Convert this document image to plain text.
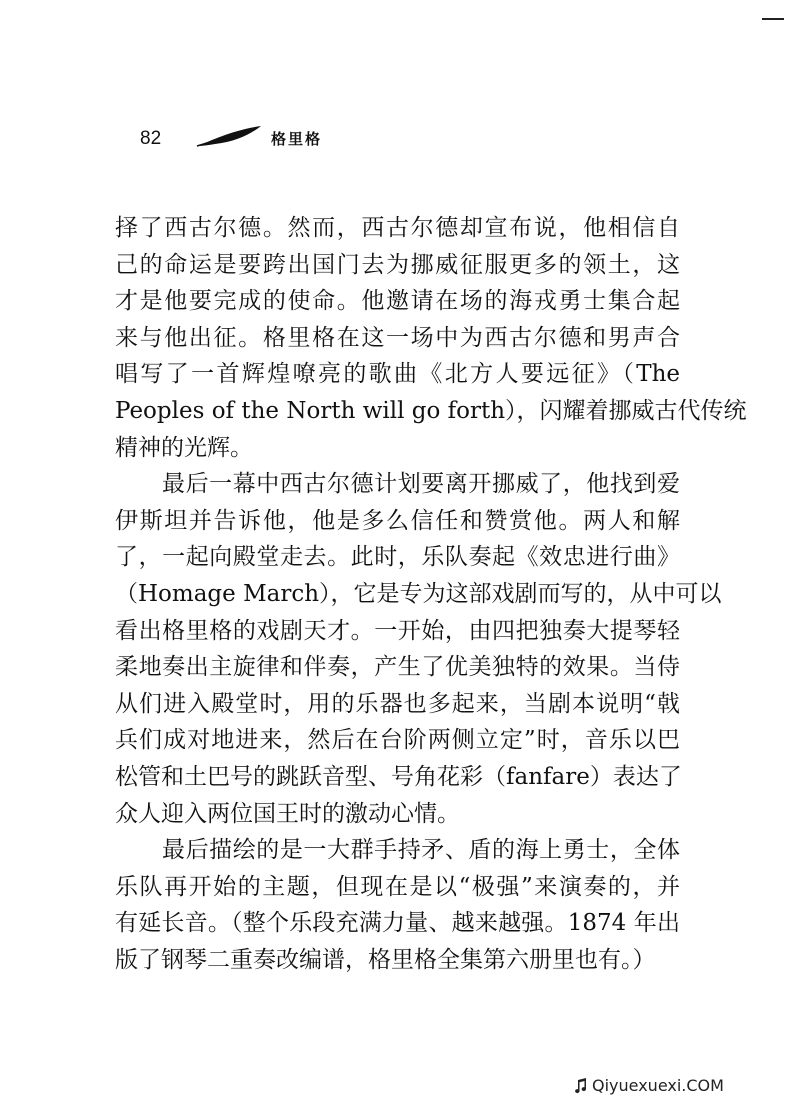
82	格里格
择了西古尔德。然而，西古尔德却宣布说，他相信自
己的命运是要跨出国门去为挪威征服更多的领土，这
才是他要完成的使命。他邀请在场的海戎勇士集合起
来与他出征。格里格在这一场中为西古尔德和男声合
唱写了一首辉煌嘹亮的歌曲《北方人要远征》（The
Peoples of the North will go forth），闪耀着挪威古代传统
精神的光辉。
最后一幕中西古尔德计划要离开挪威了，他找到爱
伊斯坦并告诉他，他是多么信任和赞赏他。两人和解
了，一起向殿堂走去。此时，乐队奏起《效忠进行曲》
（Homage March），它是专为这部戏剧而写的，从中可以
看出格里格的戏剧天才。一开始，由四把独奏大提琴轻
柔地奏出主旋律和伴奏，产生了优美独特的效果。当侍
从们进入殿堂时，用的乐器也多起来，当剧本说明“戟
兵们成对地进来，然后在台阶两侧立定”时，音乐以巴
松管和土巴号的跳跃音型、号角花彩（fanfare）表达了
众人迎入两位国王时的激动心情。
最后描绘的是一大群手持矛、盾的海上勇士，全体
乐队再开始的主题，但现在是以“极强”来演奏的，并
有延长音。（整个乐段充满力量、越来越强。1874 年出
版了钢琴二重奏改编谱，格里格全集第六册里也有。）
Qiyuexuexi.COM
